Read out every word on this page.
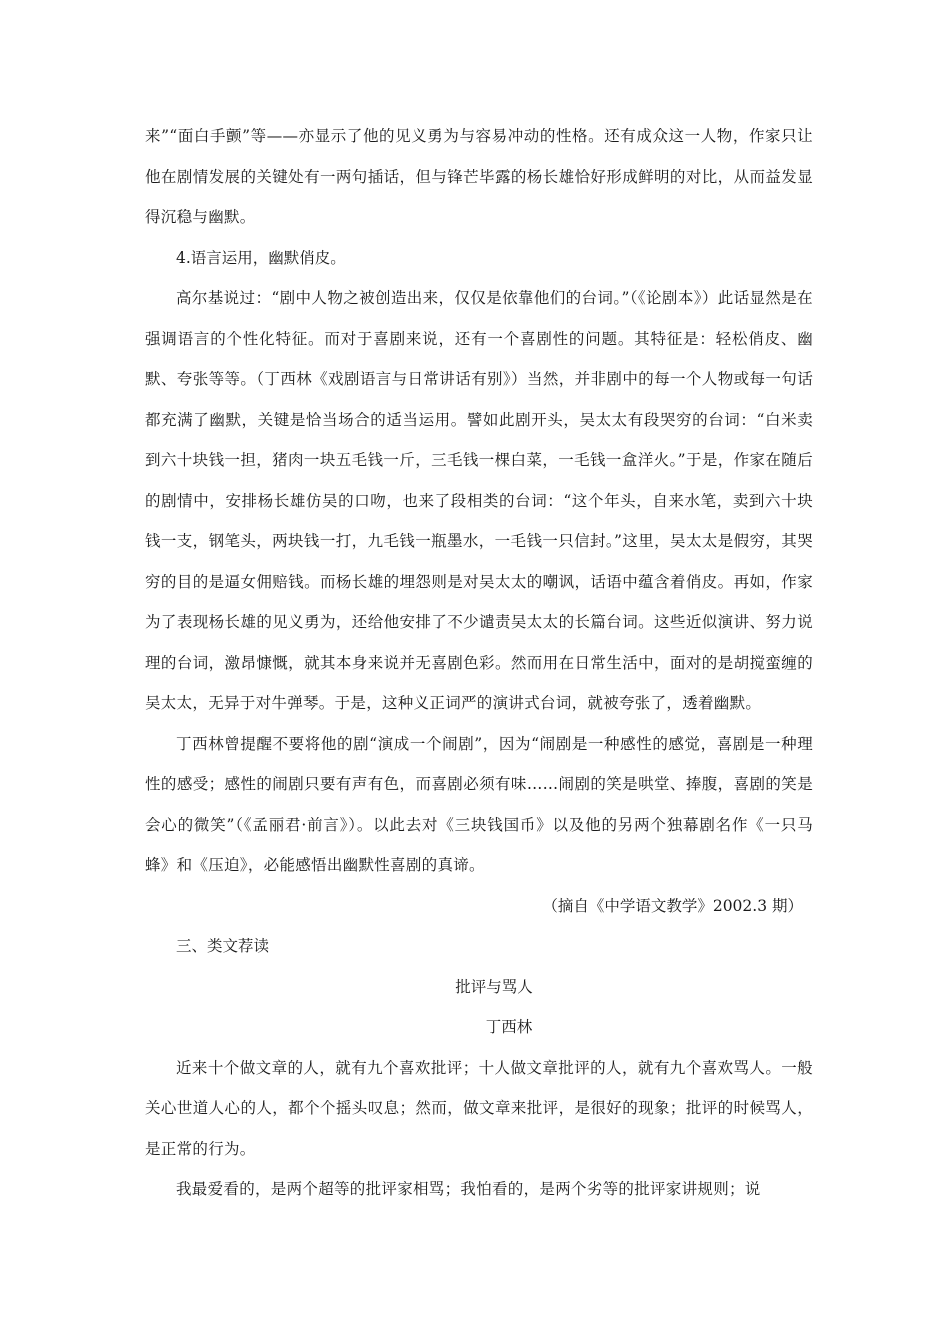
来”“面白手颤”等——亦显示了他的见义勇为与容易冲动的性格。还有成众这一人物，作家只让他在剧情发展的关键处有一两句插话，但与锋芒毕露的杨长雄恰好形成鲜明的对比，从而益发显得沉稳与幽默。

4.语言运用，幽默俏皮。

高尔基说过：“剧中人物之被创造出来，仅仅是依靠他们的台词。”（《论剧本》）此话显然是在强调语言的个性化特征。而对于喜剧来说，还有一个喜剧性的问题。其特征是：轻松俏皮、幽默、夸张等等。（丁西林《戏剧语言与日常讲话有别》）当然，并非剧中的每一个人物或每一句话都充满了幽默，关键是恰当场合的适当运用。譬如此剧开头，吴太太有段哭穷的台词：“白米卖到六十块钱一担，猪肉一块五毛钱一斤，三毛钱一棵白菜，一毛钱一盒洋火。”于是，作家在随后的剧情中，安排杨长雄仿吴的口吻，也来了段相类的台词：“这个年头，自来水笔，卖到六十块钱一支，钢笔头，两块钱一打，九毛钱一瓶墨水，一毛钱一只信封。”这里，吴太太是假穷，其哭穷的目的是逼女佣赔钱。而杨长雄的埋怨则是对吴太太的嘲讽，话语中蕴含着俏皮。再如，作家为了表现杨长雄的见义勇为，还给他安排了不少谴责吴太太的长篇台词。这些近似演讲、努力说理的台词，激昂慷慨，就其本身来说并无喜剧色彩。然而用在日常生活中，面对的是胡搅蛮缠的吴太太，无异于对牛弹琴。于是，这种义正词严的演讲式台词，就被夸张了，透着幽默。

丁西林曾提醒不要将他的剧“演成一个闹剧”，因为“闹剧是一种感性的感觉，喜剧是一种理性的感受；感性的闹剧只要有声有色，而喜剧必须有味……闹剧的笑是哄堂、捧腹，喜剧的笑是会心的微笑”（《孟丽君·前言》）。以此去对《三块钱国币》以及他的另两个独幕剧名作《一只马蜂》和《压迫》，必能感悟出幽默性喜剧的真谛。

（摘自《中学语文教学》2002.3 期）

三、类文荐读

批评与骂人

丁西林

近来十个做文章的人，就有九个喜欢批评；十人做文章批评的人，就有九个喜欢骂人。一般关心世道人心的人，都个个摇头叹息；然而，做文章来批评，是很好的现象；批评的时候骂人，是正常的行为。

我最爱看的，是两个超等的批评家相骂；我怕看的，是两个劣等的批评家讲规则；说
